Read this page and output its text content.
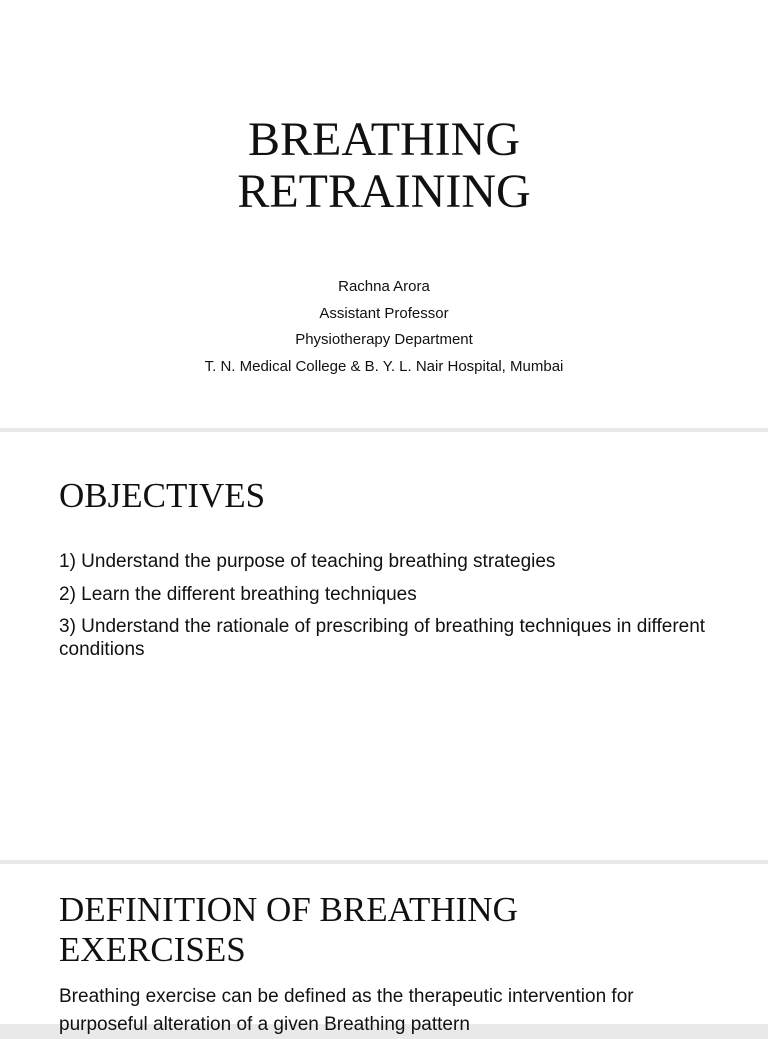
BREATHING
RETRAINING
Rachna Arora
Assistant Professor
Physiotherapy Department
T. N. Medical College & B. Y. L. Nair Hospital, Mumbai
OBJECTIVES
1) Understand the purpose of teaching breathing strategies
2) Learn the different breathing techniques
3) Understand the rationale of prescribing of breathing techniques in different conditions
DEFINITION OF BREATHING
EXERCISES

Breathing exercise can be defined as the therapeutic intervention for purposeful alteration of a given Breathing pattern
